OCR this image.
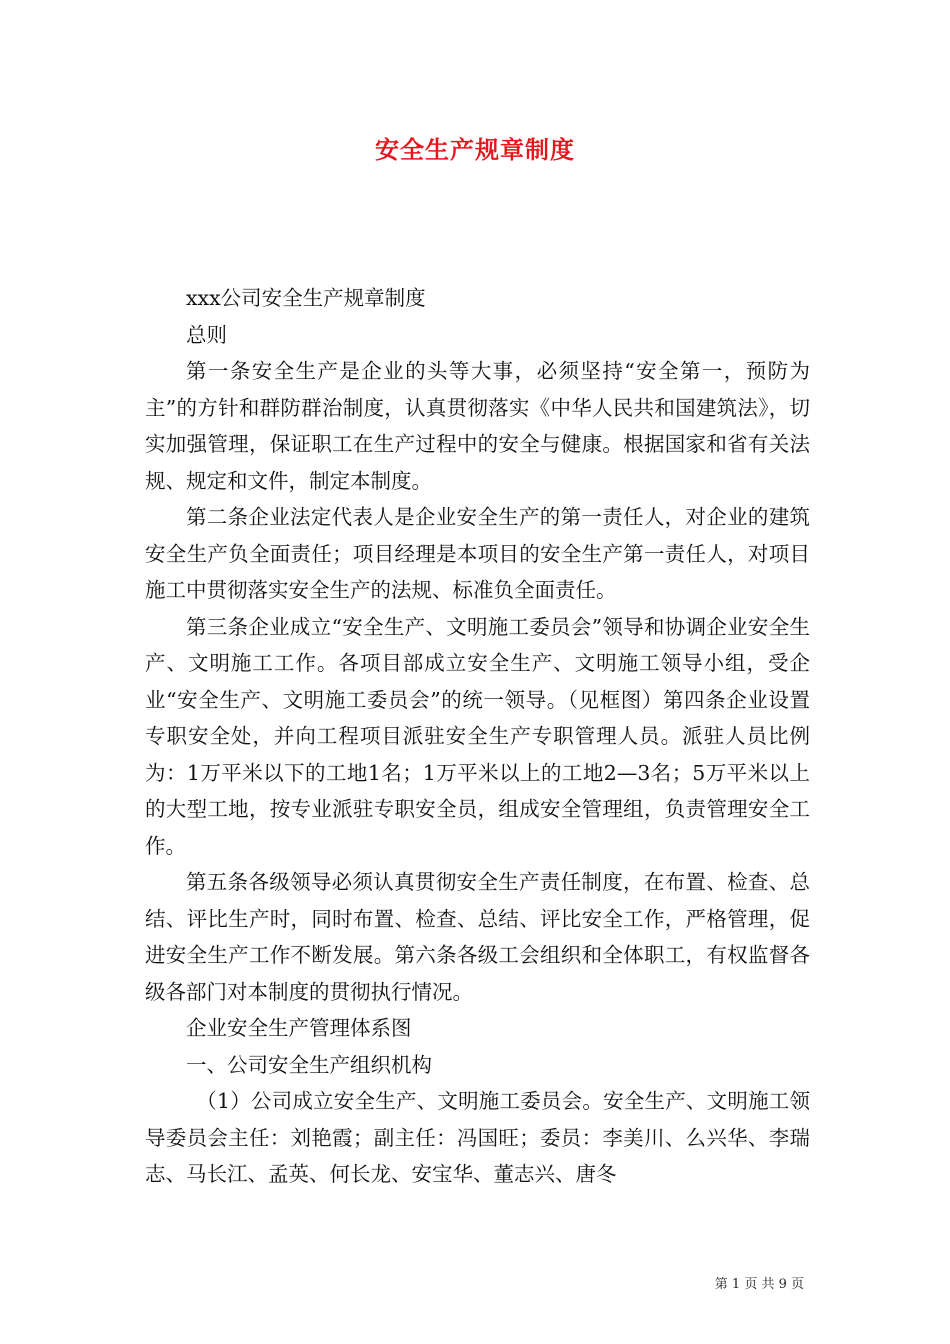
安全生产规章制度

xxx公司安全生产规章制度

总则

第一条安全生产是企业的头等大事，必须坚持“安全第一，预防为主”的方针和群防群治制度，认真贯彻落实《中华人民共和国建筑法》，切实加强管理，保证职工在生产过程中的安全与健康。根据国家和省有关法规、规定和文件，制定本制度。

第二条企业法定代表人是企业安全生产的第一责任人，对企业的建筑安全生产负全面责任；项目经理是本项目的安全生产第一责任人，对项目施工中贯彻落实安全生产的法规、标准负全面责任。

第三条企业成立“安全生产、文明施工委员会”领导和协调企业安全生产、文明施工工作。各项目部成立安全生产、文明施工领导小组，受企业“安全生产、文明施工委员会”的统一领导。（见框图）第四条企业设置专职安全处，并向工程项目派驻安全生产专职管理人员。派驻人员比例为：1万平米以下的工地1名；1万平米以上的工地2—3名；5万平米以上的大型工地，按专业派驻专职安全员，组成安全管理组，负责管理安全工作。

第五条各级领导必须认真贯彻安全生产责任制度，在布置、检查、总结、评比生产时，同时布置、检查、总结、评比安全工作，严格管理，促进安全生产工作不断发展。第六条各级工会组织和全体职工，有权监督各级各部门对本制度的贯彻执行情况。

企业安全生产管理体系图

一、公司安全生产组织机构

（1）公司成立安全生产、文明施工委员会。安全生产、文明施工领导委员会主任：刘艳霞；副主任：冯国旺；委员：李美川、么兴华、李瑞志、马长江、孟英、何长龙、安宝华、董志兴、唐冬

第 1 页 共 9 页
